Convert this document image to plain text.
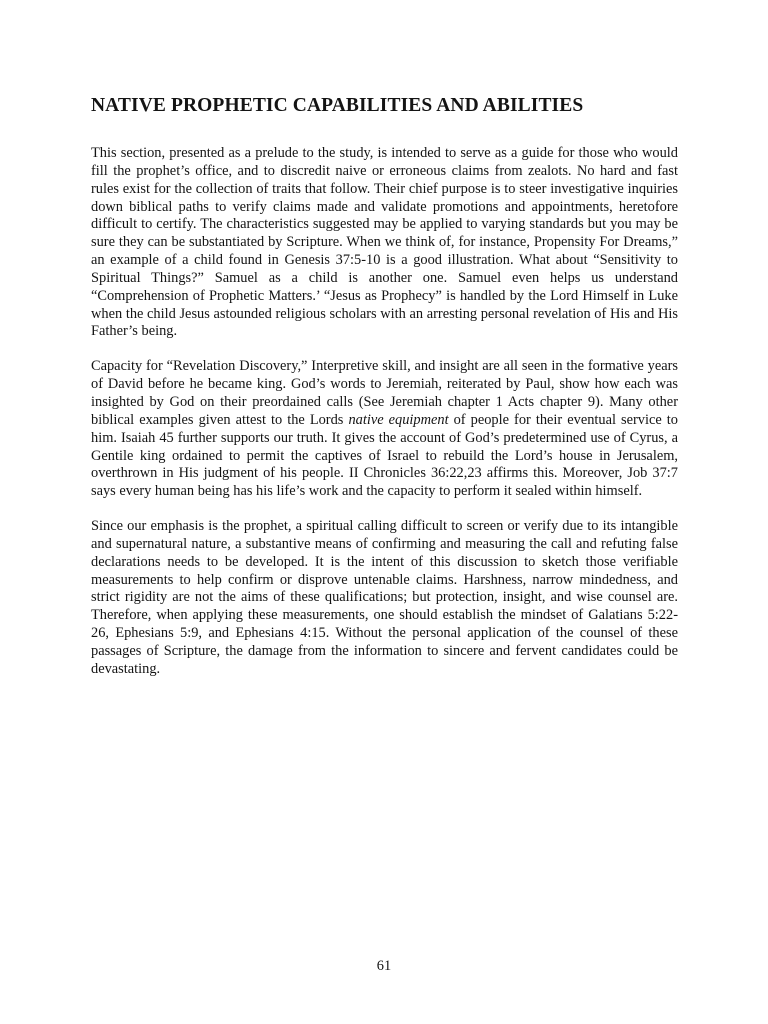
NATIVE PROPHETIC CAPABILITIES AND ABILITIES

This section, presented as a prelude to the study, is intended to serve as a guide for those who would fill the prophet’s office, and to discredit naive or erroneous claims from zealots. No hard and fast rules exist for the collection of traits that follow. Their chief purpose is to steer investigative inquiries down biblical paths to verify claims made and validate promotions and appointments, heretofore difficult to certify. The characteristics suggested may be applied to varying standards but you may be sure they can be substantiated by Scripture. When we think of, for instance, Propensity For Dreams,” an example of a child found in Genesis 37:5-10 is a good illustration. What about “Sensitivity to Spiritual Things?” Samuel as a child is another one. Samuel even helps us understand “Comprehension of Prophetic Matters.’ “Jesus as Prophecy” is handled by the Lord Himself in Luke when the child Jesus astounded religious scholars with an arresting personal revelation of His and His Father’s being.

Capacity for “Revelation Discovery,” Interpretive skill, and insight are all seen in the formative years of David before he became king. God’s words to Jeremiah, reiterated by Paul, show how each was insighted by God on their preordained calls (See Jeremiah chapter 1 Acts chapter 9). Many other biblical examples given attest to the Lords native equipment of people for their eventual service to him. Isaiah 45 further supports our truth. It gives the account of God’s predetermined use of Cyrus, a Gentile king ordained to permit the captives of Israel to rebuild the Lord’s house in Jerusalem, overthrown in His judgment of his people. II Chronicles 36:22,23 affirms this. Moreover, Job 37:7 says every human being has his life’s work and the capacity to perform it sealed within himself.

Since our emphasis is the prophet, a spiritual calling difficult to screen or verify due to its intangible and supernatural nature, a substantive means of confirming and measuring the call and refuting false declarations needs to be developed. It is the intent of this discussion to sketch those verifiable measurements to help confirm or disprove untenable claims. Harshness, narrow mindedness, and strict rigidity are not the aims of these qualifications; but protection, insight, and wise counsel are. Therefore, when applying these measurements, one should establish the mindset of Galatians 5:22-26, Ephesians 5:9, and Ephesians 4:15. Without the personal application of the counsel of these passages of Scripture, the damage from the information to sincere and fervent candidates could be devastating.

61
